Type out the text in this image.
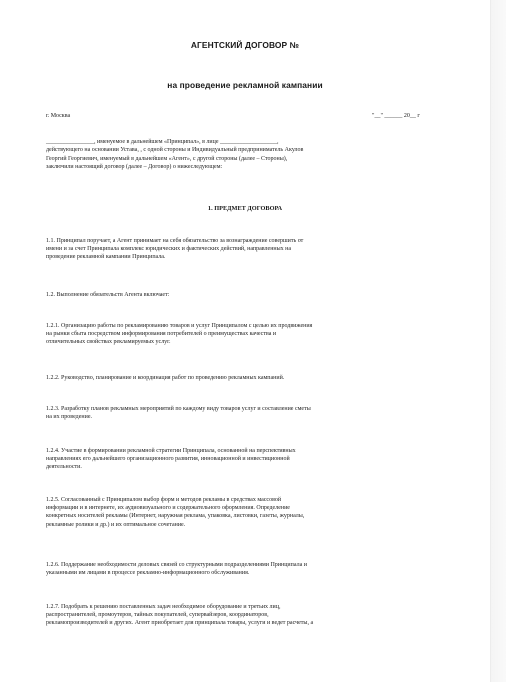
АГЕНТСКИЙ ДОГОВОР №
на проведение рекламной кампании
г. Москва	"__" ______ 20__ г
________________, именуемое в дальнейшем «Принципал», в лице ___________________,
действующего на основании Устава, , с одной стороны и Индивидуальный предприниматель Акулов
Георгий Георгиевич, именуемый в дальнейшем «Агент», с другой стороны (далее – Стороны),
заключили настоящий договор (далее – Договор) о нижеследующем:
1. ПРЕДМЕТ ДОГОВОРА
1.1. Принципал поручает, а Агент принимает на себя обязательство за вознаграждение совершить от
имени и за счет Принципала комплекс юридических и фактических действий, направленных на
проведение рекламной кампании Принципала.
1.2. Выполнение обязательств Агента включает:
1.2.1. Организацию работы по рекламированию товаров и услуг Принципалом с целью их продвижения
на рынки сбыта посредством информирования потребителей о преимуществах качества и
отличительных свойствах рекламируемых услуг.
1.2.2. Руководство, планирование и координация работ по проведению рекламных кампаний.
1.2.3. Разработку планов рекламных мероприятий по каждому виду товаров услуг и составление сметы
на их проведение.
1.2.4. Участие в формировании рекламной стратегии Принципала, основанной на перспективных
направлениях его дальнейшего организационного развития, инновационной и инвестиционной
деятельности.
1.2.5. Согласованный с Принципалом выбор форм и методов рекламы в средствах массовой
информации и в интернете, их аудиовизуального и содержательного оформления. Определение
конкретных носителей рекламы (Интернет, наружная реклама, упаковка, листовки, газеты, журналы,
рекламные ролики и др.) и их оптимальное сочетание.
1.2.6. Поддержание необходимости деловых связей со структурными подразделениями Принципала и
указанными им лицами в процессе рекламно-информационного обслуживания.
1.2.7. Подобрать к решению поставленных задач необходимое оборудование и третьих лиц,
распространителей, промоутеров, тайных покупателей, супервайзеров, координаторов,
рекламопроизводителей и других. Агент приобретает для принципала товары, услуги и ведет расчеты, а
